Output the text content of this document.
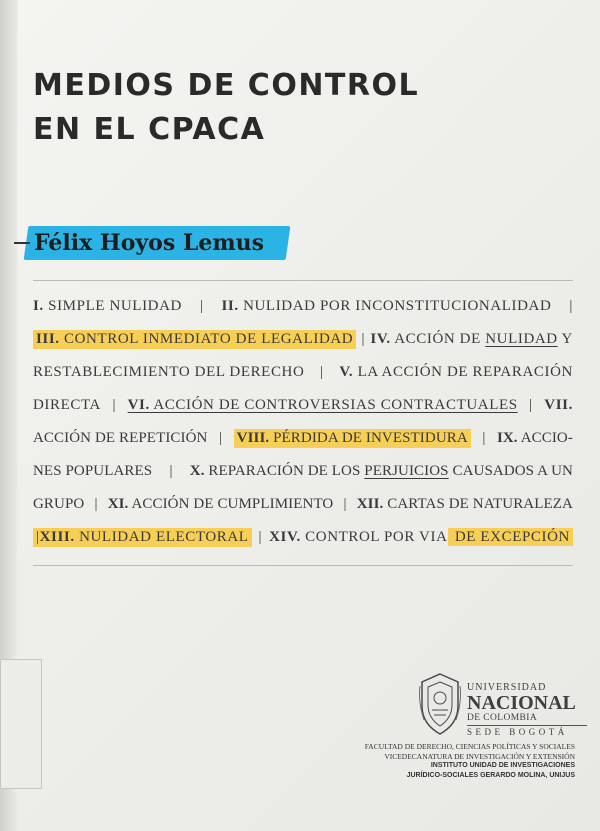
MEDIOS DE CONTROL
EN EL CPACA
Félix Hoyos Lemus
I. SIMPLE NULIDAD | II. NULIDAD POR INCONSTITUCIONALIDAD |
III. CONTROL INMEDIATO DE LEGALIDAD | IV. ACCIÓN DE NULIDAD Y
RESTABLECIMIENTO DEL DERECHO | V. LA ACCIÓN DE REPARACIÓN
DIRECTA | VI. ACCIÓN DE CONTROVERSIAS CONTRACTUALES | VII.
ACCIÓN DE REPETICIÓN | VIII. PÉRDIDA DE INVESTIDURA | IX. ACCIO-
NES POPULARES | X. REPARACIÓN DE LOS PERJUICIOS CAUSADOS A UN
GRUPO | XI. ACCIÓN DE CUMPLIMIENTO | XII. CARTAS DE NATURALEZA
|XIII. NULIDAD ELECTORAL | XIV. CONTROL POR VIA DE EXCEPCIÓN
UNIVERSIDAD
NACIONAL
DE COLOMBIA
SEDE BOGOTÁ
FACULTAD DE DERECHO, CIENCIAS POLÍTICAS Y SOCIALES
VICEDECANATURA DE INVESTIGACIÓN Y EXTENSIÓN
INSTITUTO UNIDAD DE INVESTIGACIONES
JURÍDICO-SOCIALES GERARDO MOLINA, UNIJUS
